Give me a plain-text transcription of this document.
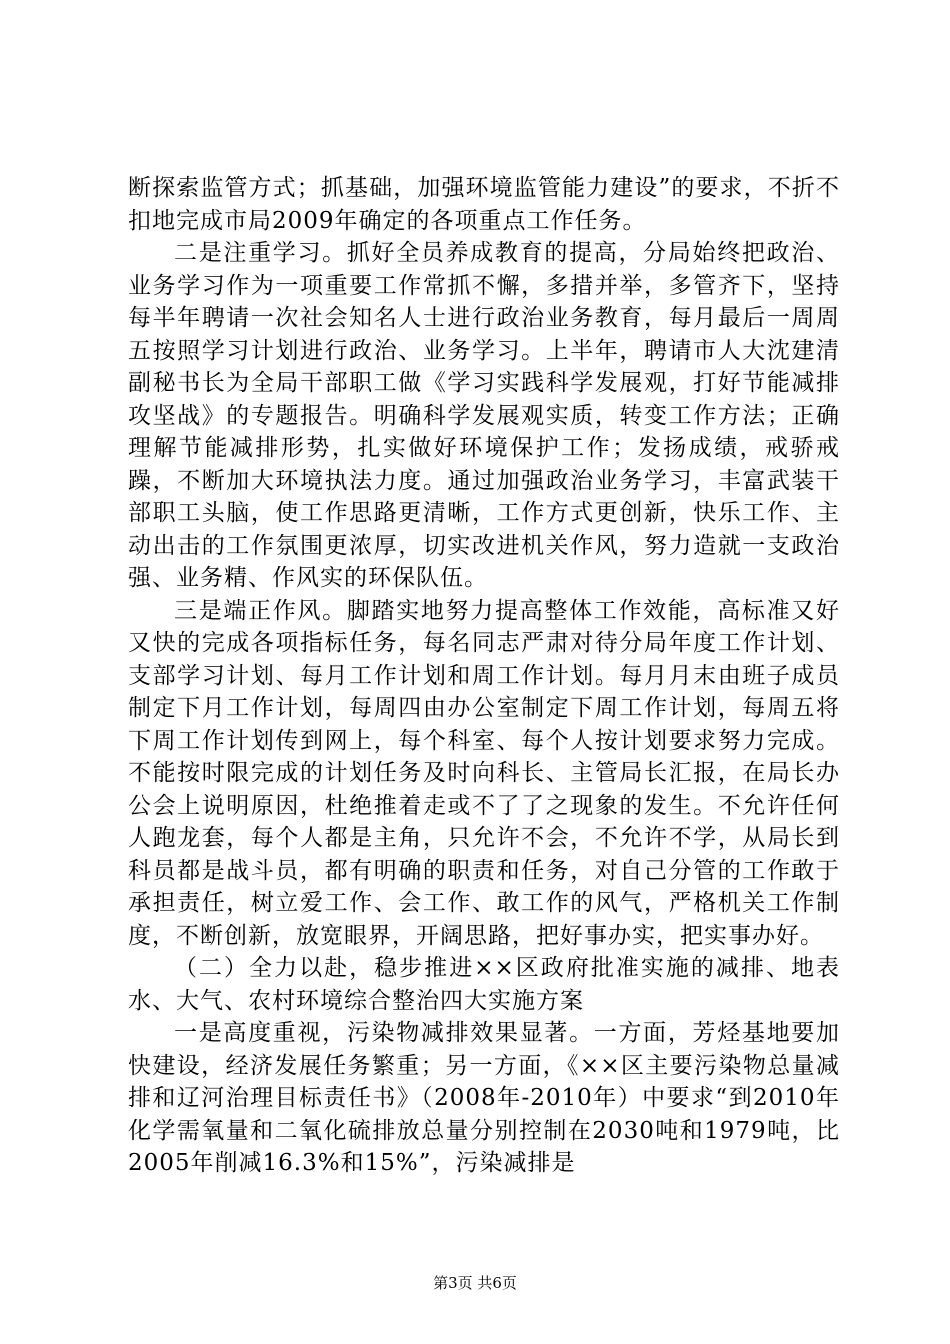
断探索监管方式；抓基础，加强环境监管能力建设”的要求，不折不扣地完成市局2009年确定的各项重点工作任务。

二是注重学习。抓好全员养成教育的提高，分局始终把政治、业务学习作为一项重要工作常抓不懈，多措并举，多管齐下，坚持每半年聘请一次社会知名人士进行政治业务教育，每月最后一周周五按照学习计划进行政治、业务学习。上半年，聘请市人大沈建清副秘书长为全局干部职工做《学习实践科学发展观，打好节能减排攻坚战》的专题报告。明确科学发展观实质，转变工作方法；正确理解节能减排形势，扎实做好环境保护工作；发扬成绩，戒骄戒躁，不断加大环境执法力度。通过加强政治业务学习，丰富武装干部职工头脑，使工作思路更清晰，工作方式更创新，快乐工作、主动出击的工作氛围更浓厚，切实改进机关作风，努力造就一支政治强、业务精、作风实的环保队伍。

三是端正作风。脚踏实地努力提高整体工作效能，高标准又好又快的完成各项指标任务，每名同志严肃对待分局年度工作计划、支部学习计划、每月工作计划和周工作计划。每月月末由班子成员制定下月工作计划，每周四由办公室制定下周工作计划，每周五将下周工作计划传到网上，每个科室、每个人按计划要求努力完成。不能按时限完成的计划任务及时向科长、主管局长汇报，在局长办公会上说明原因，杜绝推着走或不了了之现象的发生。不允许任何人跑龙套，每个人都是主角，只允许不会，不允许不学，从局长到科员都是战斗员，都有明确的职责和任务，对自己分管的工作敢于承担责任，树立爱工作、会工作、敢工作的风气，严格机关工作制度，不断创新，放宽眼界，开阔思路，把好事办实，把实事办好。

（二）全力以赴，稳步推进××区政府批准实施的减排、地表水、大气、农村环境综合整治四大实施方案

一是高度重视，污染物减排效果显著。一方面，芳烃基地要加快建设，经济发展任务繁重；另一方面，《××区主要污染物总量减排和辽河治理目标责任书》（2008年-2010年）中要求“到2010年化学需氧量和二氧化硫排放总量分别控制在2030吨和1979吨，比2005年削减16.3%和15%”，污染减排是

第3页 共6页
